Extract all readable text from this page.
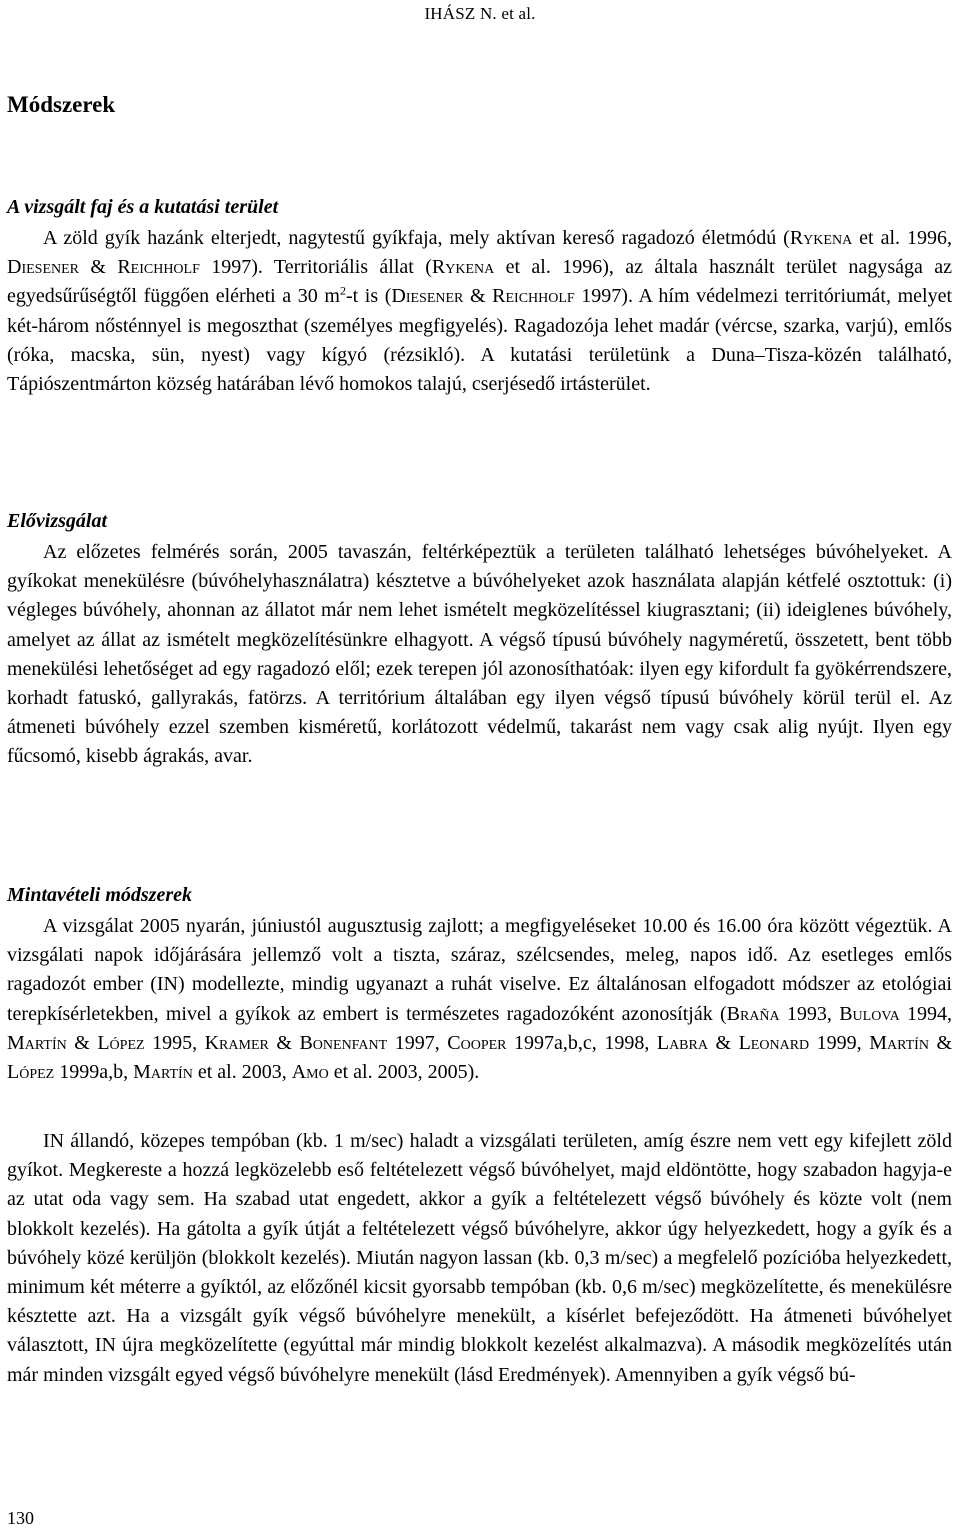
IHÁSZ N. et al.
Módszerek
A vizsgált faj és a kutatási terület

A zöld gyík hazánk elterjedt, nagytestű gyíkfaja, mely aktívan kereső ragadozó életmódú (Rykena et al. 1996, Diesener & Reichholf 1997). Territoriális állat (Rykena et al. 1996), az általa használt terület nagysága az egyedsűrűségtől függően elérheti a 30 $m^2-t$ is (Diesener & Reichholf 1997). A hím védelmezi territóriumát, melyet két-három nősténnyel is megoszthat (személyes megfigyelés). Ragadozója lehet madár (vércse, szarka, varjú), emlős (róka, macska, sün, nyest) vagy kígyó (rézsikló). A kutatási területünk a Duna–Tisza-közén található, Tápiószentmárton község határában lévő homokos talajú, cserjésedő irtásterület.

Elővizsgálat

Az előzetes felmérés során, 2005 tavaszán, feltérképeztük a területen található lehetséges búvóhelyeket. A gyíkokat menekülésre (búvóhelyhasználatra) késztetve a búvóhelyeket azok használata alapján kétfelé osztottuk: (i) végleges búvóhely, ahonnan az állatot már nem lehet ismételt megközelítéssel kiugrasztani; (ii) ideiglenes búvóhely, amelyet az állat az ismételt megközelítésünkre elhagyott. A végső típusú búvóhely nagyméretű, összetett, bent több menekülési lehetőséget ad egy ragadozó elől; ezek terepen jól azonosíthatóak: ilyen egy kifordult fa gyökérrendszere, korhadt fatuskó, gallyrakás, fatörzs. A territórium általában egy ilyen végső típusú búvóhely körül terül el. Az átmeneti búvóhely ezzel szemben kisméretű, korlátozott védelmű, takarást nem vagy csak alig nyújt. Ilyen egy fűcsomó, kisebb ágrakás, avar.

Mintavételi módszerek

A vizsgálat 2005 nyarán, júniustól augusztusig zajlott; a megfigyeléseket 10.00 és 16.00 óra között végeztük. A vizsgálati napok időjárására jellemző volt a tiszta, száraz, szélcsendes, meleg, napos idő. Az esetleges emlős ragadozót ember (IN) modellezte, mindig ugyanazt a ruhát viselve. Ez általánosan elfogadott módszer az etológiai terepkísérletekben, mivel a gyíkok az embert is természetes ragadozóként azonosítják (Braña 1993, Bulova 1994, Martín & López 1995, Kramer & Bonenfant 1997, Cooper 1997a,b,c, 1998, Labra & Leonard 1999, Martín & López 1999a,b, Martín et al. 2003, Amo et al. 2003, 2005).

IN állandó, közepes tempóban (kb. 1 m/sec) haladt a vizsgálati területen, amíg észre nem vett egy kifejlett zöld gyíkot. Megkereste a hozzá legközelebb eső feltételezett végső búvóhelyet, majd eldöntötte, hogy szabadon hagyja-e az utat oda vagy sem. Ha szabad utat engedett, akkor a gyík a feltételezett végső búvóhely és közte volt (nem blokkolt kezelés). Ha gátolta a gyík útját a feltételezett végső búvóhelyre, akkor úgy helyezkedett, hogy a gyík és a búvóhely közé kerüljön (blokkolt kezelés). Miután nagyon lassan (kb. 0,3 m/sec) a megfelelő pozícióba helyezkedett, minimum két méterre a gyíktól, az előzőnél kicsit gyorsabb tempóban (kb. 0,6 m/sec) megközelítette, és menekülésre késztette azt. Ha a vizsgált gyík végső búvóhelyre menekült, a kísérlet befejeződött. Ha átmeneti búvóhelyet választott, IN újra megközelítette (egyúttal már mindig blokkolt kezelést alkalmazva). A második megközelítés után már minden vizsgált egyed végső búvóhelyre menekült (lásd Eredmények). Amennyiben a gyík végső bú-

130
